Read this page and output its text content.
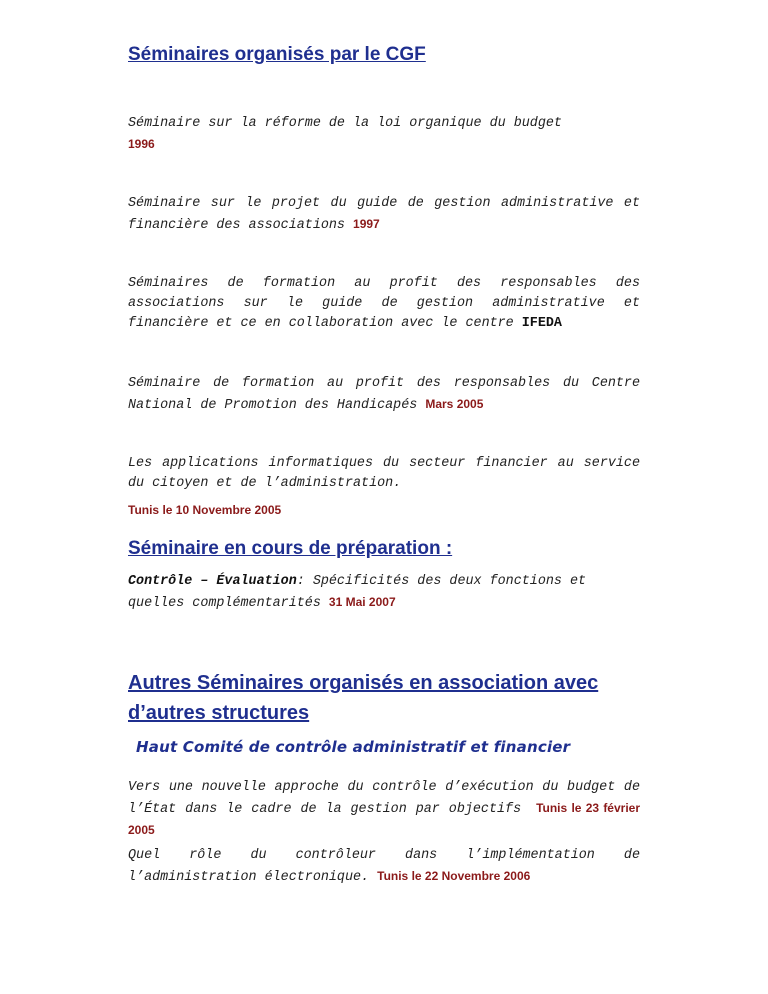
Séminaires organisés par le CGF

Séminaire sur la réforme de la loi organique du budget
1996

Séminaire sur le projet du guide de gestion administrative et financière des associations 1997

Séminaires de formation au profit des responsables des associations sur le guide de gestion administrative et financière et ce en collaboration avec le centre IFEDA

Séminaire de formation au profit des responsables du Centre National de Promotion des Handicapés Mars 2005

Les applications informatiques du secteur financier au service du citoyen et de l’administration.

Tunis le 10 Novembre 2005

Séminaire en cours de préparation :

Contrôle – Évaluation: Spécificités des deux fonctions et quelles complémentarités 31 Mai 2007

Autres Séminaires organisés en association avec d’autres structures
Haut Comité de contrôle administratif et financier

Vers une nouvelle approche du contrôle d’exécution du budget de l’État dans le cadre de la gestion par objectifs Tunis le 23 février 2005

Quel rôle du contrôleur dans l’implémentation de l’administration électronique. Tunis le 22 Novembre 2006
